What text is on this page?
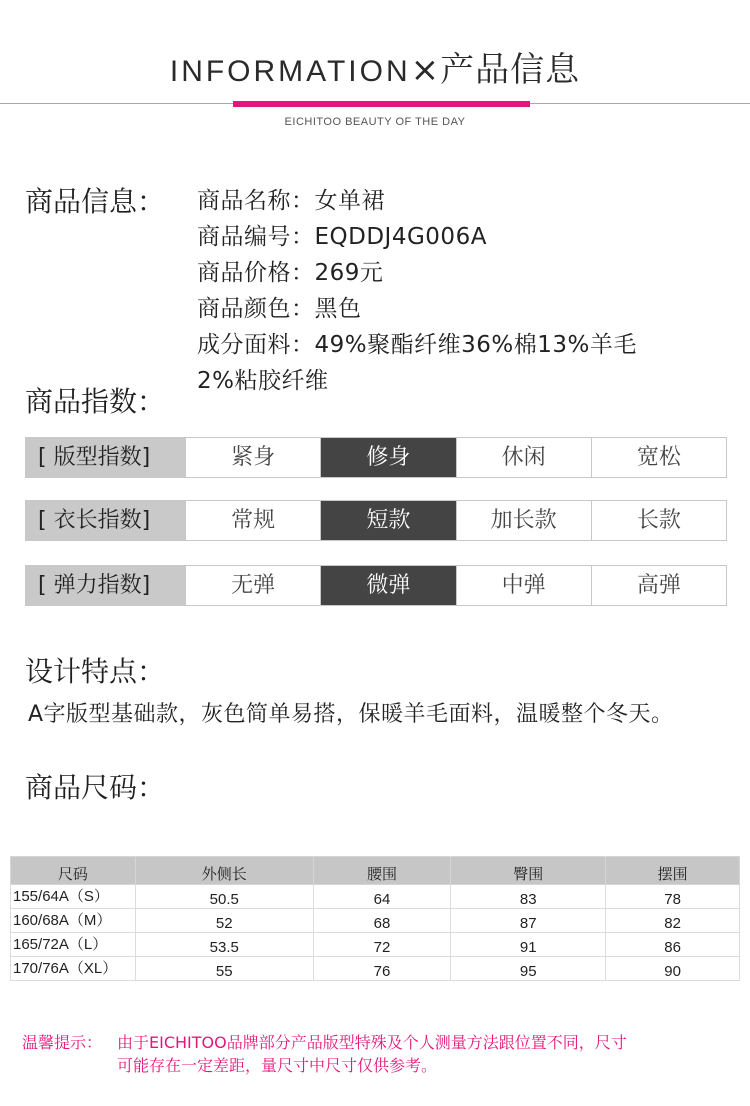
INFORMATION×产品信息
EICHITOO BEAUTY OF THE DAY
商品信息： 商品名称：女单裙
商品编号：EQDDJ4G006A
商品价格：269元
商品颜色：黑色
成分面料：49%聚酯纤维36%棉13%羊毛
2%粘胶纤维
商品指数：
[ 版型指数]	紧身	修身	休闲	宽松
[ 衣长指数]	常规	短款	加长款	长款
[ 弹力指数]	无弹	微弹	中弹	高弹
设计特点：
A字版型基础款，灰色简单易搭，保暖羊毛面料，温暖整个冬天。
商品尺码：
尺码	外侧长	腰围	臀围	摆围
155/64A（S）	50.5	64	83	78
160/68A（M）	52	68	87	82
165/72A（L）	53.5	72	91	86
170/76A（XL）	55	76	95	90
温馨提示： 由于EICHITOO品牌部分产品版型特殊及个人测量方法跟位置不同，尺寸
可能存在一定差距，量尺寸中尺寸仅供参考。
